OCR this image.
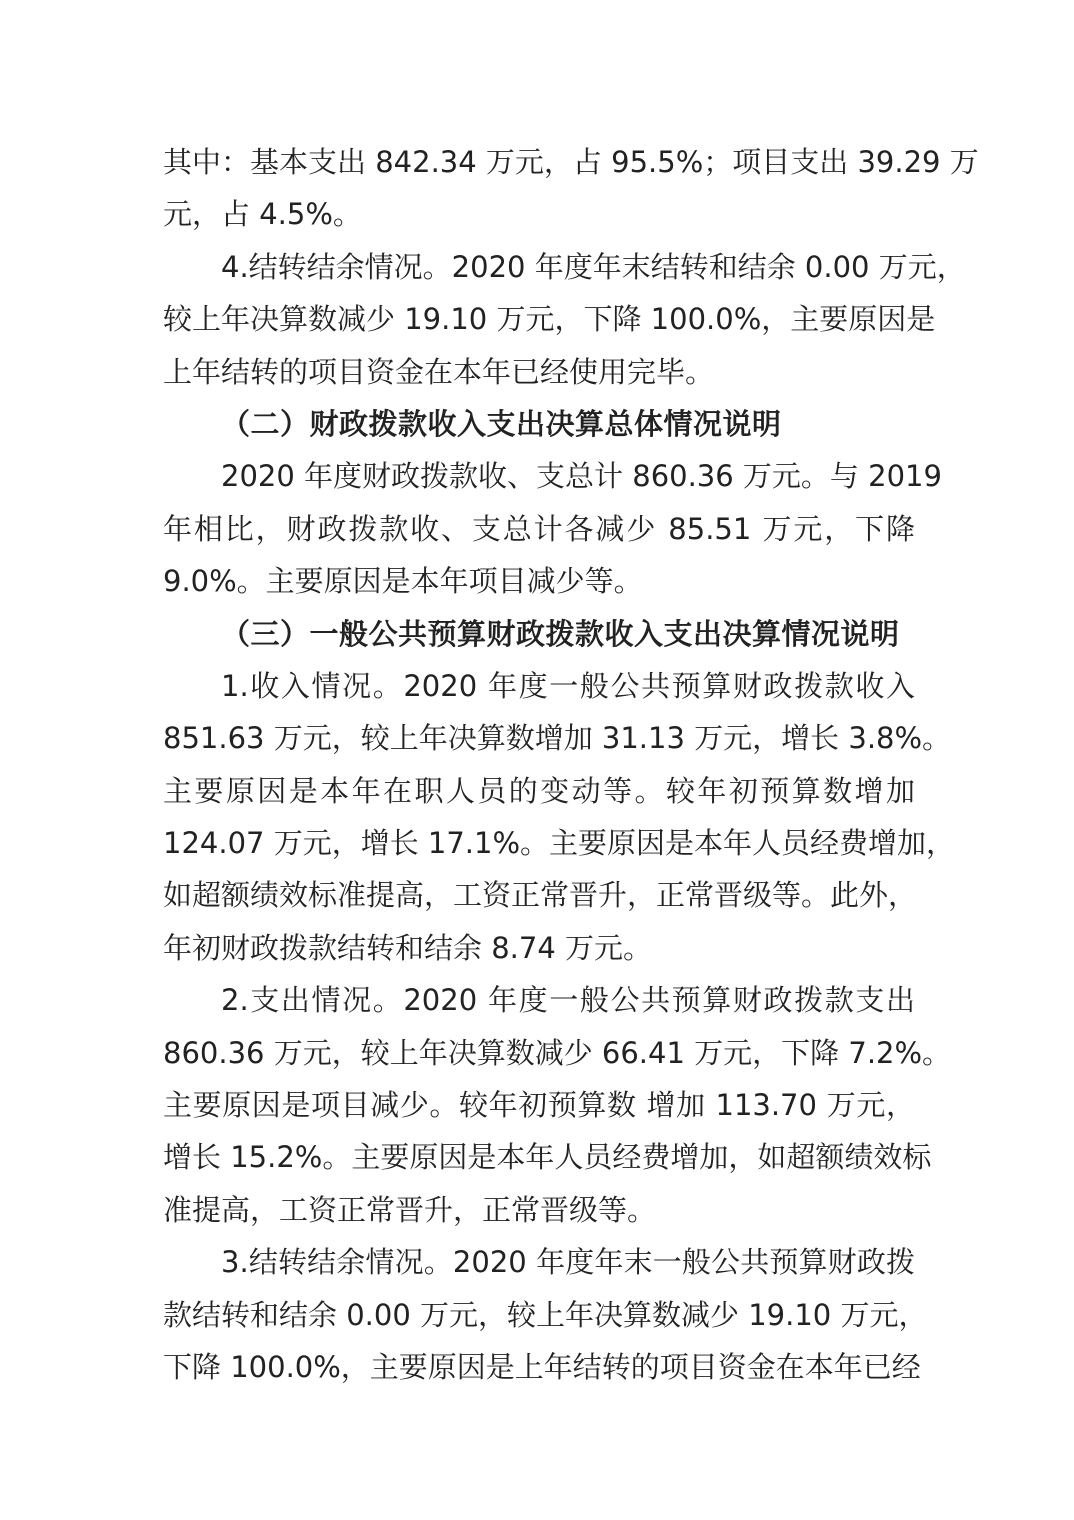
其中：基本支出 842.34 万元，占 95.5%；项目支出 39.29 万
元，占 4.5%。

4.结转结余情况。2020 年度年末结转和结余 0.00 万元，
较上年决算数减少 19.10 万元，下降 100.0%，主要原因是
上年结转的项目资金在本年已经使用完毕。

（二）财政拨款收入支出决算总体情况说明

2020 年度财政拨款收、支总计 860.36 万元。与 2019
年相比，财政拨款收、支总计各减少 85.51 万元，下降
9.0%。主要原因是本年项目减少等。

（三）一般公共预算财政拨款收入支出决算情况说明

1.收入情况。2020 年度一般公共预算财政拨款收入
851.63 万元，较上年决算数增加 31.13 万元，增长 3.8%。
主要原因是本年在职人员的变动等。较年初预算数增加
124.07 万元，增长 17.1%。主要原因是本年人员经费增加，
如超额绩效标准提高，工资正常晋升，正常晋级等。此外，
年初财政拨款结转和结余 8.74 万元。

2.支出情况。2020 年度一般公共预算财政拨款支出
860.36 万元，较上年决算数减少 66.41 万元，下降 7.2%。
主要原因是项目减少。较年初预算数 增加 113.70 万元，
增长 15.2%。主要原因是本年人员经费增加，如超额绩效标
准提高，工资正常晋升，正常晋级等。

3.结转结余情况。2020 年度年末一般公共预算财政拨
款结转和结余 0.00 万元，较上年决算数减少 19.10 万元，
下降 100.0%，主要原因是上年结转的项目资金在本年已经
